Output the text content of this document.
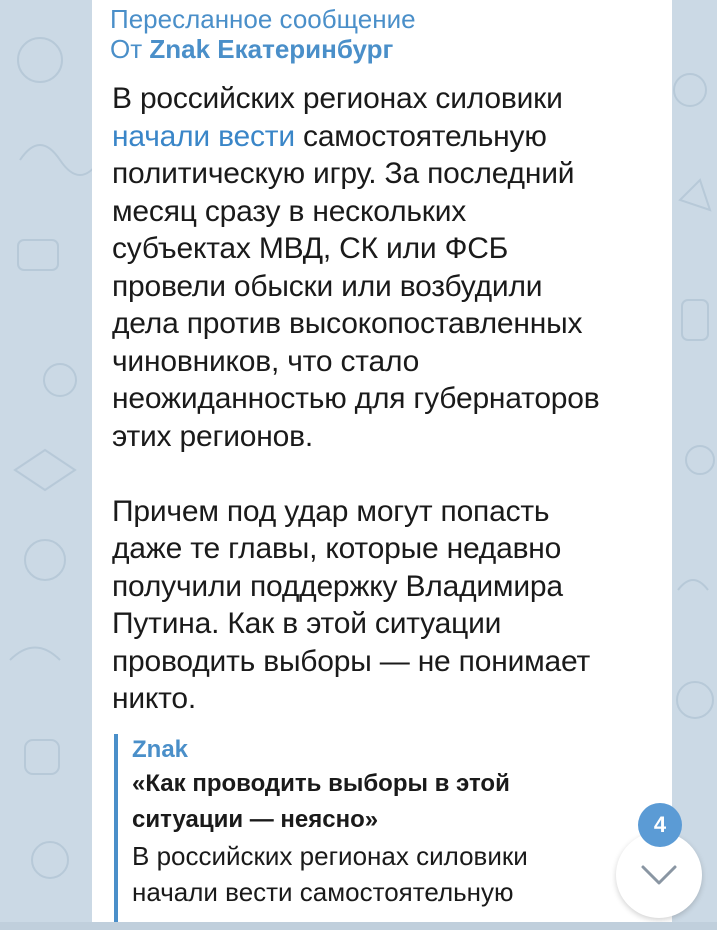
Пересланное сообщение
От Znak Екатеринбург
В российских регионах силовики
начали вести самостоятельную
политическую игру. За последний
месяц сразу в нескольких
субъектах МВД, СК или ФСБ
провели обыски или возбудили
дела против высокопоставленных
чиновников, что стало
неожиданностью для губернаторов
этих регионов.
Причем под удар могут попасть
даже те главы, которые недавно
получили поддержку Владимира
Путина. Как в этой ситуации
проводить выборы — не понимает
никто.
Znak
«Как проводить выборы в этой
ситуации — неясно»
В российских регионах силовики
начали вести самостоятельную
4
